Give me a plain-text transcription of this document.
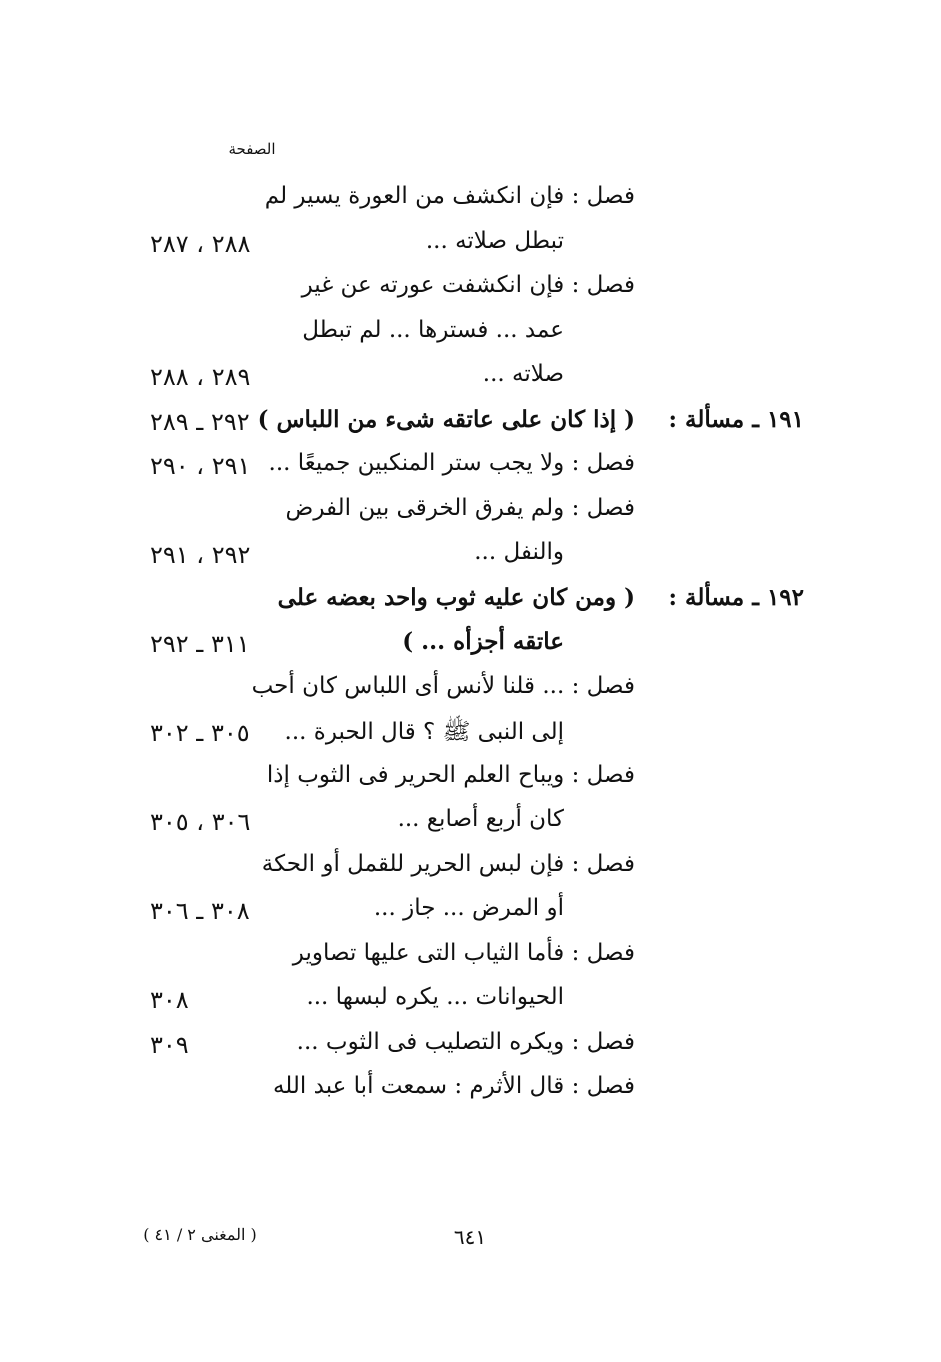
الصفحة
فصل : فإن انكشف من العورة يسير لم
تبطل صلاته ...
٢٨٨ ، ٢٨٧
فصل : فإن انكشفت عورته عن غير
عمد ... فسترها ... لم تبطل
صلاته ...
٢٨٩ ، ٢٨٨
١٩١ ـ مسألة :
( إذا كان على عاتقه شىء من اللباس )
٢٩٢ ـ ٢٨٩
فصل : ولا يجب ستر المنكبين جميعًا ...
٢٩١ ، ٢٩٠
فصل : ولم يفرق الخرقى بين الفرض
والنفل ...
٢٩٢ ، ٢٩١
١٩٢ ـ مسألة :
( ومن كان عليه ثوب واحد بعضه على
عاتقه أجزأه ... )
٣١١ ـ ٢٩٢
فصل : ... قلنا لأنس أى اللباس كان أحب
إلى النبى ﷺ ؟ قال الحبرة ...
٣٠٥ ـ ٣٠٢
فصل : ويباح العلم الحرير فى الثوب إذا
كان أربع أصابع ...
٣٠٦ ، ٣٠٥
فصل : فإن لبس الحرير للقمل أو الحكة
أو المرض ... جاز ...
٣٠٨ ـ ٣٠٦
فصل : فأما الثياب التى عليها تصاوير
الحيوانات ... يكره لبسها ...
٣٠٨
فصل : ويكره التصليب فى الثوب ...
٣٠٩
فصل : قال الأثرم : سمعت أبا عبد الله
٦٤١
( المغنى ٢ / ٤١ )
